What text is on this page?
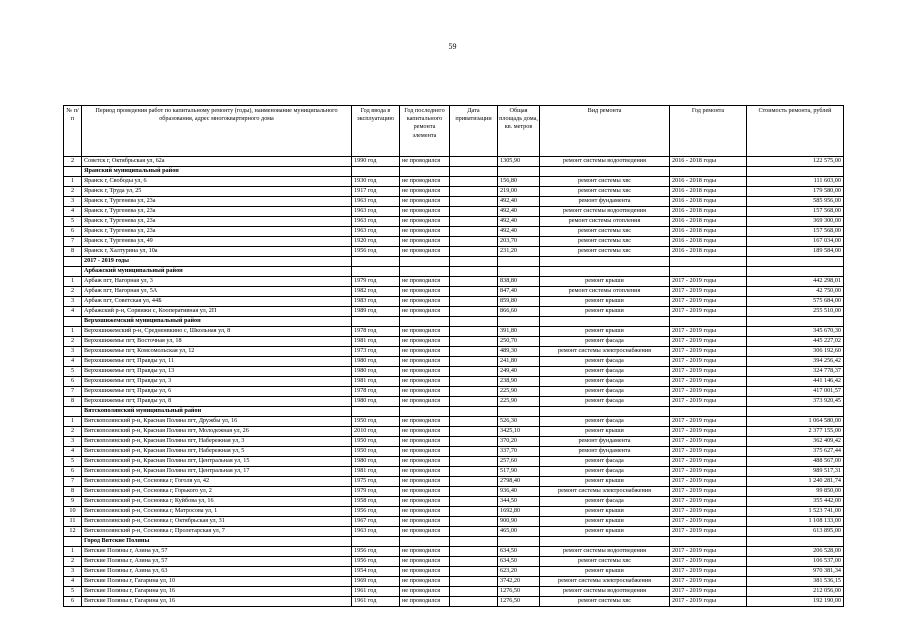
59
№ п/п	Период проведения работ по капитальному ремонту (годы), наименование муниципального образования, адрес многоквартирного дома	Год ввода в эксплуатацию	Год последнего капитального ремонта элемента	Дата приватизации	Общая площадь дома, кв. метров	Вид ремонта	Год ремонта	Стоимость ремонта, рублей
2	Советск г, Октябрьская ул, 62а	1990 год	не проводился		1305,90	ремонт системы водоотведения	2016 - 2018 годы	122 575,00
	Яранский муниципальный район							
1	Яранск г, Свободы ул, 6	1930 год	не проводился		156,80	ремонт системы хвс	2016 - 2018 годы	111 603,00
2	Яранск г, Труда ул, 25	1917 год	не проводился		219,00	ремонт системы хвс	2016 - 2018 годы	179 580,00
3	Яранск г, Тургенева ул, 23а	1963 год	не проводился		492,40	ремонт фундамента	2016 - 2018 годы	585 956,00
4	Яранск г, Тургенева ул, 23а	1963 год	не проводился		492,40	ремонт системы водоотведения	2016 - 2018 годы	157 568,00
5	Яранск г, Тургенева ул, 23а	1963 год	не проводился		492,40	ремонт системы отопления	2016 - 2018 годы	369 300,00
6	Яранск г, Тургенева ул, 23а	1963 год	не проводился		492,40	ремонт системы хвс	2016 - 2018 годы	157 568,00
7	Яранск г, Тургенева ул, 49	1920 год	не проводился		203,70	ремонт системы хвс	2016 - 2018 годы	167 034,00
8	Яранск г, Халтурина ул, 10а	1956 год	не проводился		231,20	ремонт системы хвс	2016 - 2018 годы	189 584,00
	2017 - 2019 годы							
	Арбажский муниципальный район							
1	Арбаж пгт, Нагорная ул, 3	1979 год	не проводился		838,80	ремонт крыши	2017 - 2019 годы	442 298,01
2	Арбаж пгт, Нагорная ул, 5А	1982 год	не проводился		847,40	ремонт системы отопления	2017 - 2019 годы	42 750,00
3	Арбаж пгт, Советская ул, 44Б	1983 год	не проводился		859,80	ремонт крыши	2017 - 2019 годы	575 684,00
4	Арбажский р-н, Сорвижи с, Кооперативная ул, 2П	1989 год	не проводился		866,60	ремонт крыши	2017 - 2019 годы	255 510,00
	Верхошижемский муниципальный район							
1	Верхошижемский р-н, Среднеивкино с, Школьная ул, 8	1978 год	не проводился		391,80	ремонт крыши	2017 - 2019 годы	345 670,30
2	Верхошижемье пгт, Восточная ул, 18	1981 год	не проводился		250,70	ремонт фасада	2017 - 2019 годы	445 227,02
3	Верхошижемье пгт, Комсомольская ул, 12	1973 год	не проводился		489,30	ремонт системы электроснабжения	2017 - 2019 годы	306 192,60
4	Верхошижемье пгт, Правды ул, 11	1980 год	не проводился		241,80	ремонт фасада	2017 - 2019 годы	394 256,42
5	Верхошижемье пгт, Правды ул, 13	1980 год	не проводился		249,40	ремонт фасада	2017 - 2019 годы	324 778,37
6	Верхошижемье пгт, Правды ул, 3	1981 год	не проводился		238,90	ремонт фасада	2017 - 2019 годы	441 146,42
7	Верхошижемье пгт, Правды ул, 6	1978 год	не проводился		225,90	ремонт фасада	2017 - 2019 годы	417 001,57
8	Верхошижемье пгт, Правды ул, 8	1980 год	не проводился		225,90	ремонт фасада	2017 - 2019 годы	373 920,45
	Вятскополянский муниципальный район							
1	Вятскополянский р-н, Красная Поляна пгт, Дружбы ул, 16	1950 год	не проводился		526,30	ремонт фасада	2017 - 2019 годы	1 064 580,00
2	Вятскополянский р-н, Красная Поляна пгт, Молодежная ул, 26	2010 год	не проводился		3425,10	ремонт крыши	2017 - 2019 годы	2 377 155,00
3	Вятскополянский р-н, Красная Поляна пгт, Набережная ул, 3	1950 год	не проводился		370,20	ремонт фундамента	2017 - 2019 годы	362 409,42
4	Вятскополянский р-н, Красная Поляна пгт, Набережная ул, 5	1950 год	не проводился		337,70	ремонт фундамента	2017 - 2019 годы	375 627,44
5	Вятскополянский р-н, Красная Поляна пгт, Центральная ул, 15	1980 год	не проводился		257,60	ремонт фасада	2017 - 2019 годы	488 567,00
6	Вятскополянский р-н, Красная Поляна пгт, Центральная ул, 17	1981 год	не проводился		517,90	ремонт фасада	2017 - 2019 годы	989 517,31
7	Вятскополянский р-н, Сосновка г, Гоголя ул, 42	1975 год	не проводился		2798,40	ремонт крыши	2017 - 2019 годы	1 240 281,74
8	Вятскополянский р-н, Сосновка г, Горького ул, 2	1979 год	не проводился		936,40	ремонт системы электроснабжения	2017 - 2019 годы	99 850,00
9	Вятскополянский р-н, Сосновка г, Куйбова ул, 16	1958 год	не проводился		344,50	ремонт фасада	2017 - 2019 годы	355 442,00
10	Вятскополянский р-н, Сосновка г, Матросова ул, 1	1956 год	не проводился		1692,80	ремонт крыши	2017 - 2019 годы	1 523 741,00
11	Вятскополянский р-н, Сосновка г, Октябрьская ул, 31	1967 год	не проводился		900,90	ремонт крыши	2017 - 2019 годы	1 108 133,00
12	Вятскополянский р-н, Сосновка г, Пролетарская ул, 7	1963 год	не проводился		465,00	ремонт крыши	2017 - 2019 годы	613 895,00
	Город Вятские Поляны							
1	Вятские Поляны г, Азина ул, 57	1956 год	не проводился		634,50	ремонт системы водоотведения	2017 - 2019 годы	206 528,00
2	Вятские Поляны г, Азина ул, 57	1956 год	не проводился		634,50	ремонт системы хвс	2017 - 2019 годы	106 537,00
3	Вятские Поляны г, Азина ул, 63	1954 год	не проводился		623,20	ремонт крыши	2017 - 2019 годы	970 381,34
4	Вятские Поляны г, Гагарина ул, 10	1969 год	не проводился		3742,20	ремонт системы электроснабжения	2017 - 2019 годы	381 536,15
5	Вятские Поляны г, Гагарина ул, 16	1961 год	не проводился		1276,50	ремонт системы водоотведения	2017 - 2019 годы	212 056,00
6	Вятские Поляны г, Гагарина ул, 16	1961 год	не проводился		1276,50	ремонт системы хвс	2017 - 2019 годы	192 190,00
